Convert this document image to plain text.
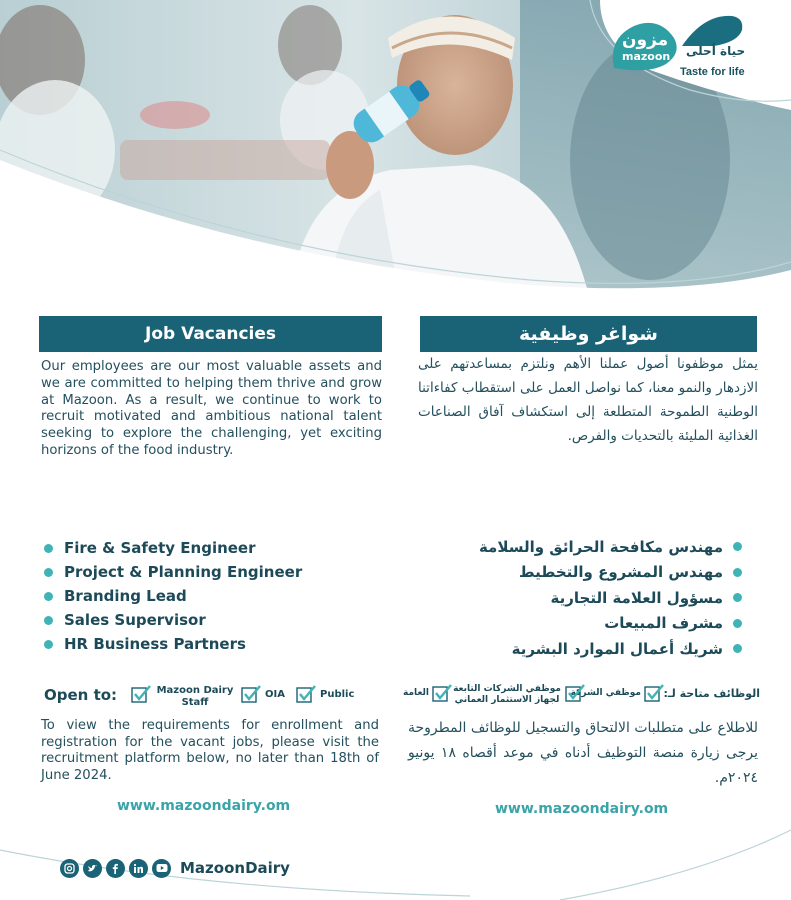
مزون
mazoon حياة أحلى
Taste for life
Job Vacancies	شواغر وظيفية

Our employees are our most valuable assets and we are committed to helping them thrive and grow at Mazoon. As a result, we continue to work to recruit motivated and ambitious national talent seeking to explore the challenging, yet exciting horizons of the food industry.

يمثل موظفونا أصول عملنا الأهم ونلتزم بمساعدتهم على الازدهار والنمو معنا، كما نواصل العمل على استقطاب كفاءاتنا الوطنية الطموحة المتطلعة إلى استكشاف آفاق الصناعات الغذائية المليئة بالتحديات والفرص.

Job Title	المسمى الوظيفي
Fire & Safety Engineer
Project & Planning Engineer
Branding Lead
Sales Supervisor
HR Business Partners
مهندس مكافحة الحرائق والسلامة
مهندس المشروع والتخطيط
مسؤول العلامة التجارية
مشرف المبيعات
شريك أعمال الموارد البشرية
Open to:	Mazoon Dairy Staff
OIA	Public	الوظائف متاحة لـ:
موظفي الشركة
موظفي الشركات التابعة لجهاز الاستثمار العماني
العامة

To view the requirements for enrollment and registration for the vacant jobs, please visit the recruitment platform below, no later than 18th of June 2024.

للاطلاع على متطلبات الالتحاق والتسجيل للوظائف المطروحة يرجى زيارة منصة التوظيف أدناه في موعد أقصاه ١٨ يونيو ٢٠٢٤م.

www.mazoondairy.om	www.mazoondairy.om
MazoonDairy
